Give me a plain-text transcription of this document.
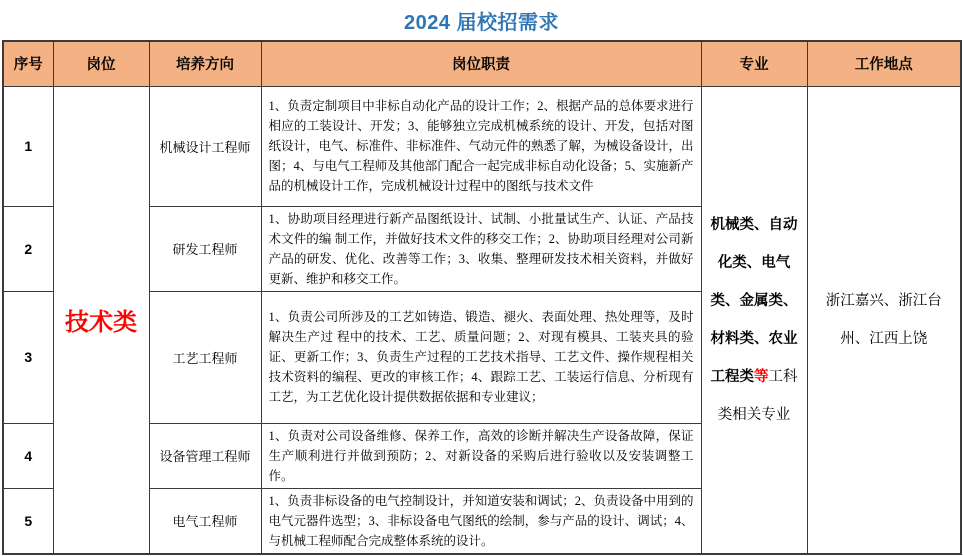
2024 届校招需求
序号	岗位	培养方向	岗位职责	专业	工作地点
1	技术类	机械设计工程师	1、负责定制项目中非标自动化产品的设计工作；2、根据产品的总体要求进行相应的工装设计、开发；3、能够独立完成机械系统的设计、开发，包括对图纸设计，电气、标准件、非标准件、气动元件的熟悉了解，为械设备设计，出图；4、与电气工程师及其他部门配合一起完成非标自动化设备；5、实施新产品的机械设计工作，完成机械设计过程中的图纸与技术文件	机械类、自动化类、电气类、金属类、材料类、农业工程类等工科类相关专业	浙江嘉兴、浙江台州、江西上饶
2		研发工程师	1、协助项目经理进行新产品图纸设计、试制、小批量试生产、认证、产品技术文件的编 制工作，并做好技术文件的移交工作；2、协助项目经理对公司新产品的研发、优化、改善等工作；3、收集、整理研发技术相关资料，并做好更新、维护和移交工作。		
3		工艺工程师	1、负责公司所涉及的工艺如铸造、锻造、褪火、表面处理、热处理等，及时解决生产过 程中的技术、工艺、质量问题；2、对现有模具、工装夹具的验证、更新工作；3、负责生产过程的工艺技术指导、工艺文件、操作规程相关技术资料的编程、更改的审核工作；4、跟踪工艺、工装运行信息、分析现有工艺，为工艺优化设计提供数据依据和专业建议；		
4		设备管理工程师	1、负责对公司设备维修、保养工作，高效的诊断并解决生产设备故障，保证生产顺利进行并做到预防；2、对新设备的采购后进行验收以及安装调整工作。		
5		电气工程师	1、负责非标设备的电气控制设计，并知道安装和调试；2、负责设备中用到的电气元器件选型；3、非标设备电气图纸的绘制，参与产品的设计、调试；4、与机械工程师配合完成整体系统的设计。		
